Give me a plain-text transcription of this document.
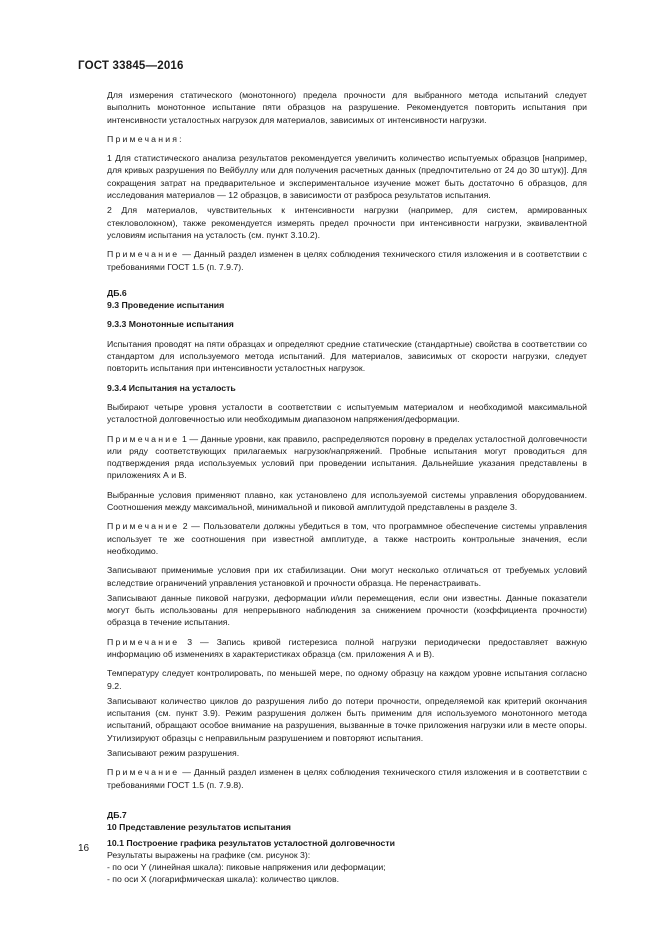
ГОСТ 33845—2016

Для измерения статического (монотонного) предела прочности для выбранного метода испытаний следует выполнить монотонное испытание пяти образцов на разрушение. Рекомендуется повторить испытания при интенсивности усталостных нагрузок для материалов, зависимых от интенсивности нагрузки.

Примечания:

1 Для статистического анализа результатов рекомендуется увеличить количество испытуемых образцов [например, для кривых разрушения по Вейбуллу или для получения расчетных данных (предпочтительно от 24 до 30 штук)]. Для сокращения затрат на предварительное и экспериментальное изучение может быть достаточно 6 образцов, для исследования материалов — 12 образцов, в зависимости от разброса результатов испытания.

2 Для материалов, чувствительных к интенсивности нагрузки (например, для систем, армированных стекловолокном), также рекомендуется измерять предел прочности при интенсивности нагрузки, эквивалентной условиям испытания на усталость (см. пункт 3.10.2).

Примечание — Данный раздел изменен в целях соблюдения технического стиля изложения и в соответствии с требованиями ГОСТ 1.5 (п. 7.9.7).

ДБ.6

9.3 Проведение испытания

9.3.3 Монотонные испытания

Испытания проводят на пяти образцах и определяют средние статические (стандартные) свойства в соответствии со стандартом для используемого метода испытаний. Для материалов, зависимых от скорости нагрузки, следует повторить испытания при интенсивности усталостных нагрузок.

9.3.4 Испытания на усталость

Выбирают четыре уровня усталости в соответствии с испытуемым материалом и необходимой максимальной усталостной долговечностью или необходимым диапазоном напряжения/деформации.

Примечание 1 — Данные уровни, как правило, распределяются поровну в пределах усталостной долговечности или ряду соответствующих прилагаемых нагрузок/напряжений. Пробные испытания могут проводиться для подтверждения ряда используемых условий при проведении испытания. Дальнейшие указания представлены в приложениях А и В.

Выбранные условия применяют плавно, как установлено для используемой системы управления оборудованием. Соотношения между максимальной, минимальной и пиковой амплитудой представлены в разделе 3.

Примечание 2 — Пользователи должны убедиться в том, что программное обеспечение системы управления использует те же соотношения при известной амплитуде, а также настроить контрольные значения, если необходимо.

Записывают применимые условия при их стабилизации. Они могут несколько отличаться от требуемых условий вследствие ограничений управления установкой и прочности образца. Не перенастраивать.

Записывают данные пиковой нагрузки, деформации и/или перемещения, если они известны. Данные показатели могут быть использованы для непрерывного наблюдения за снижением прочности (коэффициента прочности) образца в течение испытания.

Примечание 3 — Запись кривой гистерезиса полной нагрузки периодически предоставляет важную информацию об изменениях в характеристиках образца (см. приложения А и В).

Температуру следует контролировать, по меньшей мере, по одному образцу на каждом уровне испытания согласно 9.2.

Записывают количество циклов до разрушения либо до потери прочности, определяемой как критерий окончания испытания (см. пункт 3.9). Режим разрушения должен быть применим для используемого монотонного метода испытаний, обращают особое внимание на разрушения, вызванные в точке приложения нагрузки или в месте опоры. Утилизируют образцы с неправильным разрушением и повторяют испытания.

Записывают режим разрушения.

Примечание — Данный раздел изменен в целях соблюдения технического стиля изложения и в соответствии с требованиями ГОСТ 1.5 (п. 7.9.8).

ДБ.7

10 Представление результатов испытания

10.1 Построение графика результатов усталостной долговечности

Результаты выражены на графике (см. рисунок 3):

- по оси Y (линейная шкала): пиковые напряжения или деформации;

- по оси X (логарифмическая шкала): количество циклов.

16
